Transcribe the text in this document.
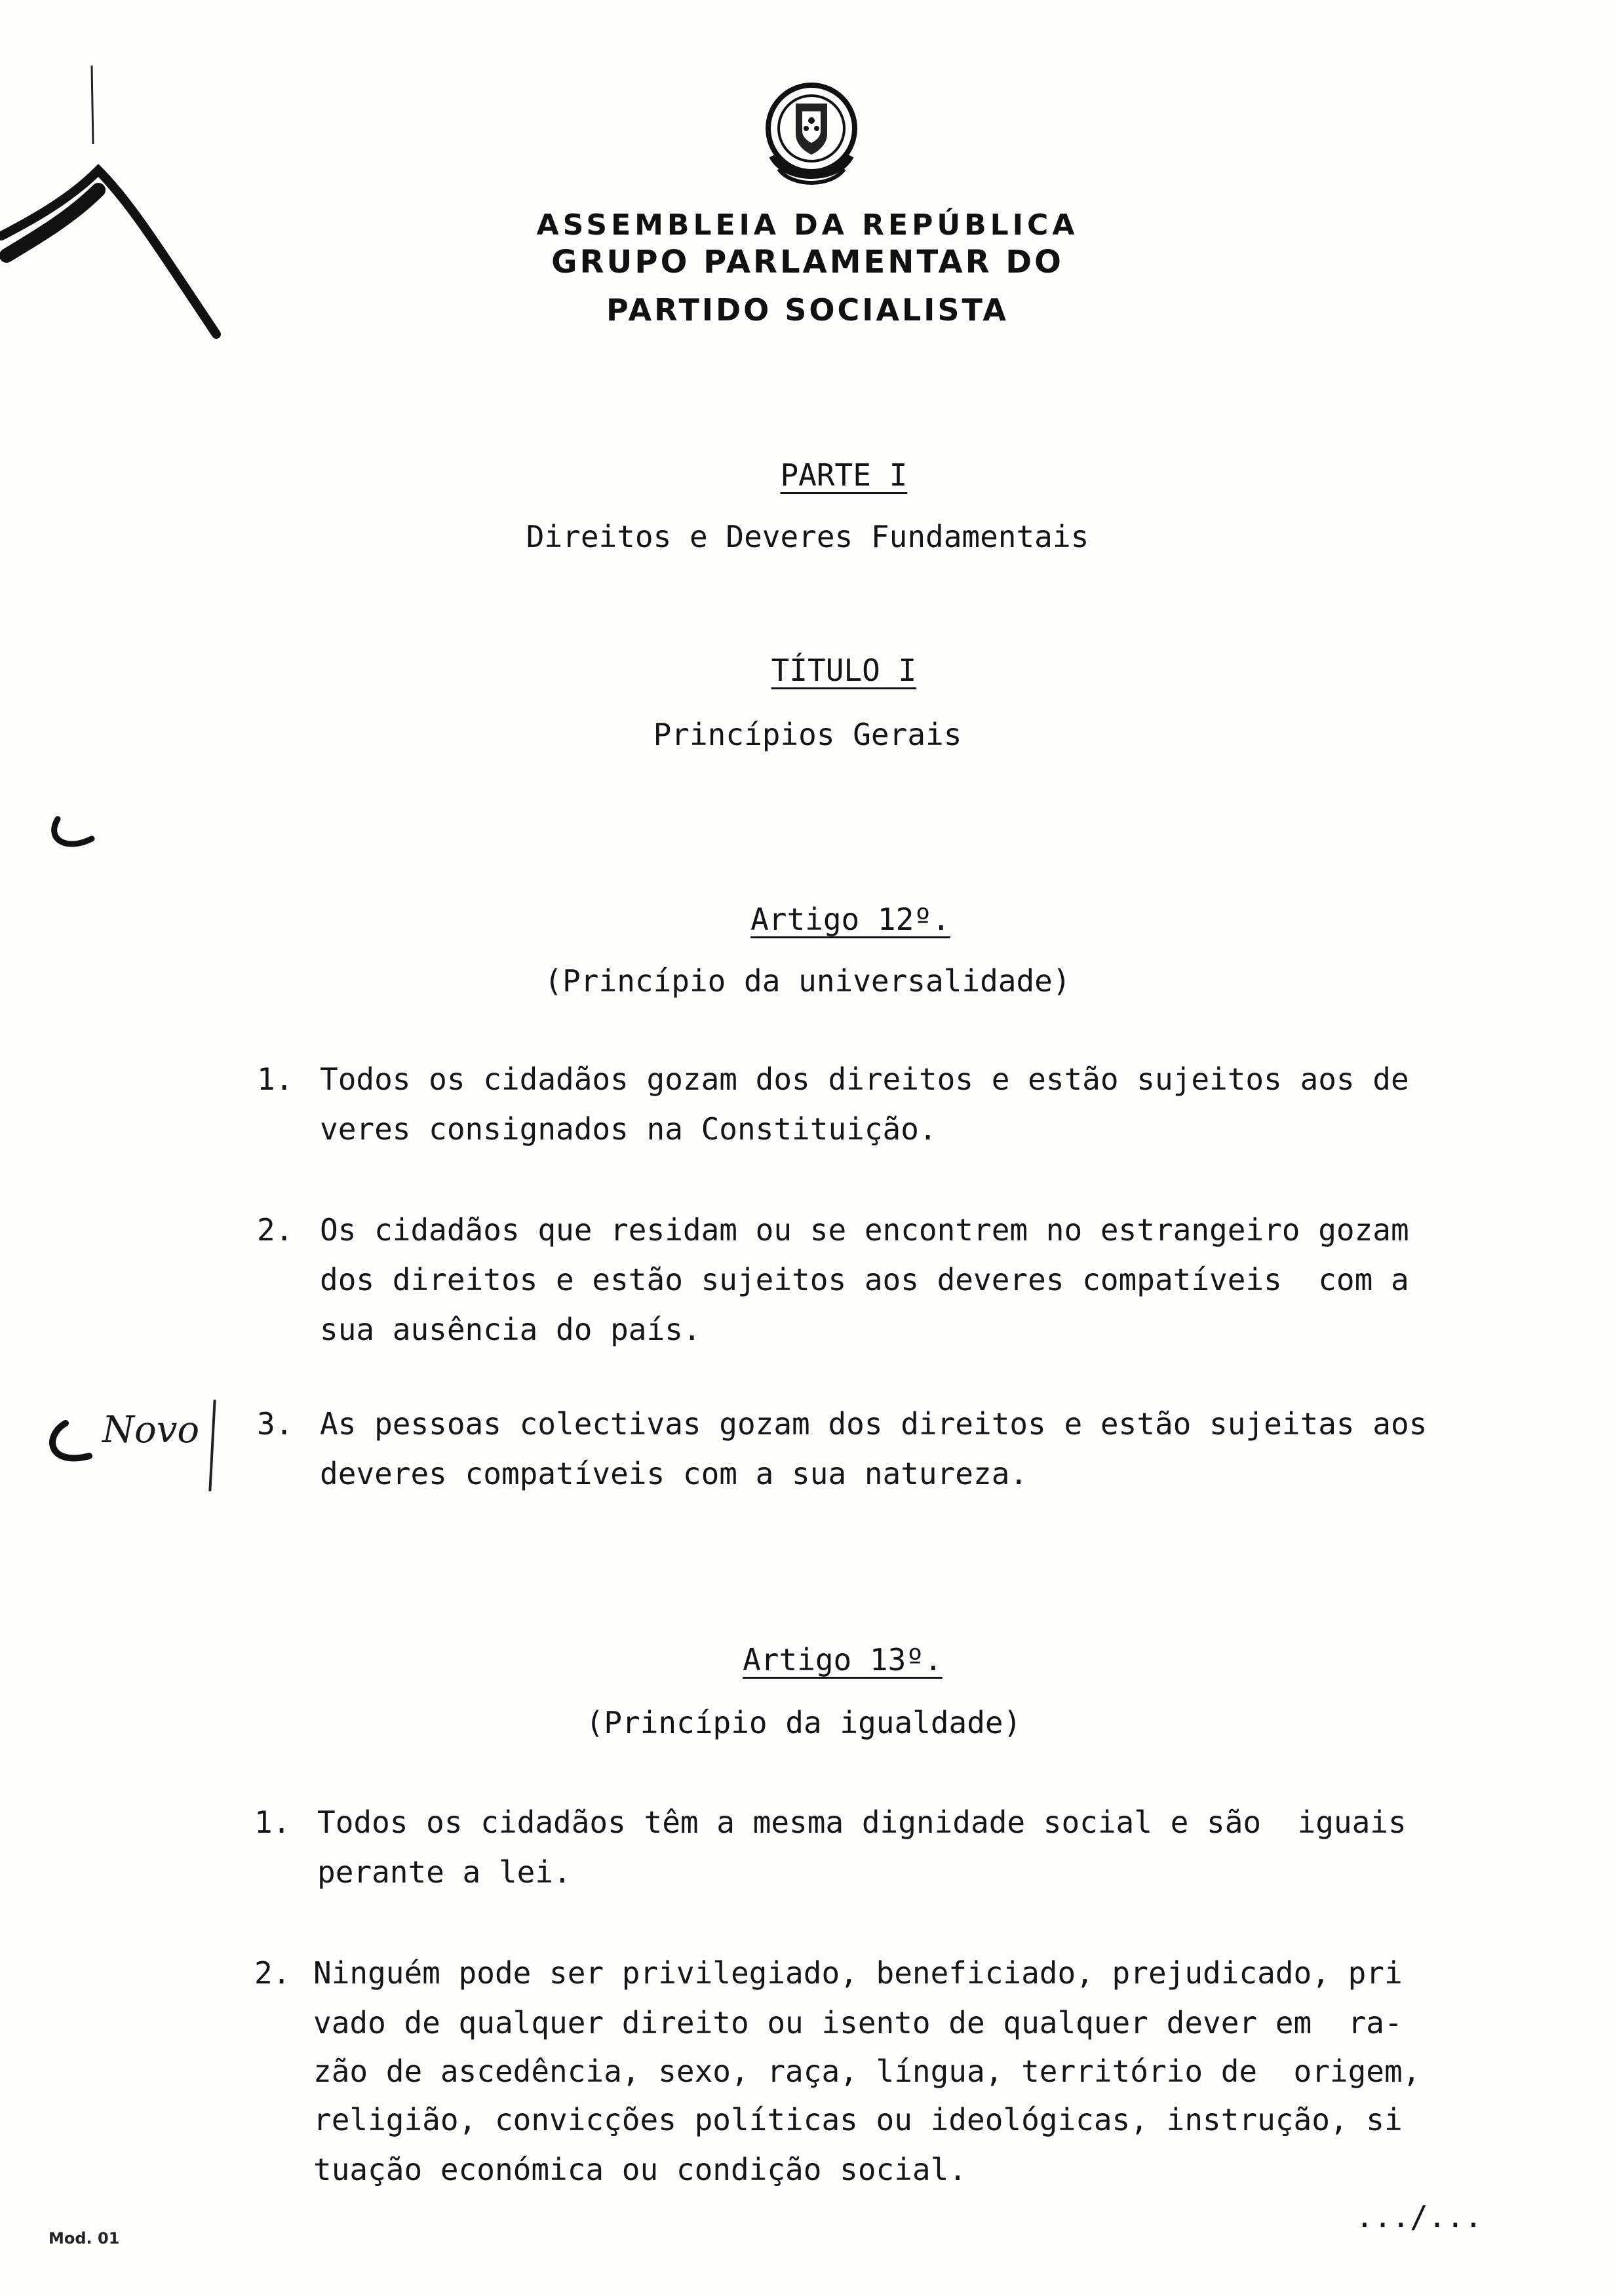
ASSEMBLEIA DA REPÚBLICA
GRUPO PARLAMENTAR DO
PARTIDO SOCIALISTA

PARTE I

Direitos e Deveres Fundamentais

TÍTULO I

Princípios Gerais

Artigo 12º.

(Princípio da universalidade)
1. Todos os cidadãos gozam dos direitos e estão sujeitos aos de
veres consignados na Constituição.
2. Os cidadãos que residam ou se encontrem no estrangeiro gozam
dos direitos e estão sujeitos aos deveres compatíveis  com a
sua ausência do país.
Novo 3. As pessoas colectivas gozam dos direitos e estão sujeitas aos
deveres compatíveis com a sua natureza.

Artigo 13º.

(Princípio da igualdade)
1. Todos os cidadãos têm a mesma dignidade social e são  iguais
perante a lei.
2. Ninguém pode ser privilegiado, beneficiado, prejudicado, pri
vado de qualquer direito ou isento de qualquer dever em  ra-
zão de ascedência, sexo, raça, língua, território de  origem,
religião, convicções políticas ou ideológicas, instrução, si
tuação económica ou condição social.
.../...
Mod. 01
